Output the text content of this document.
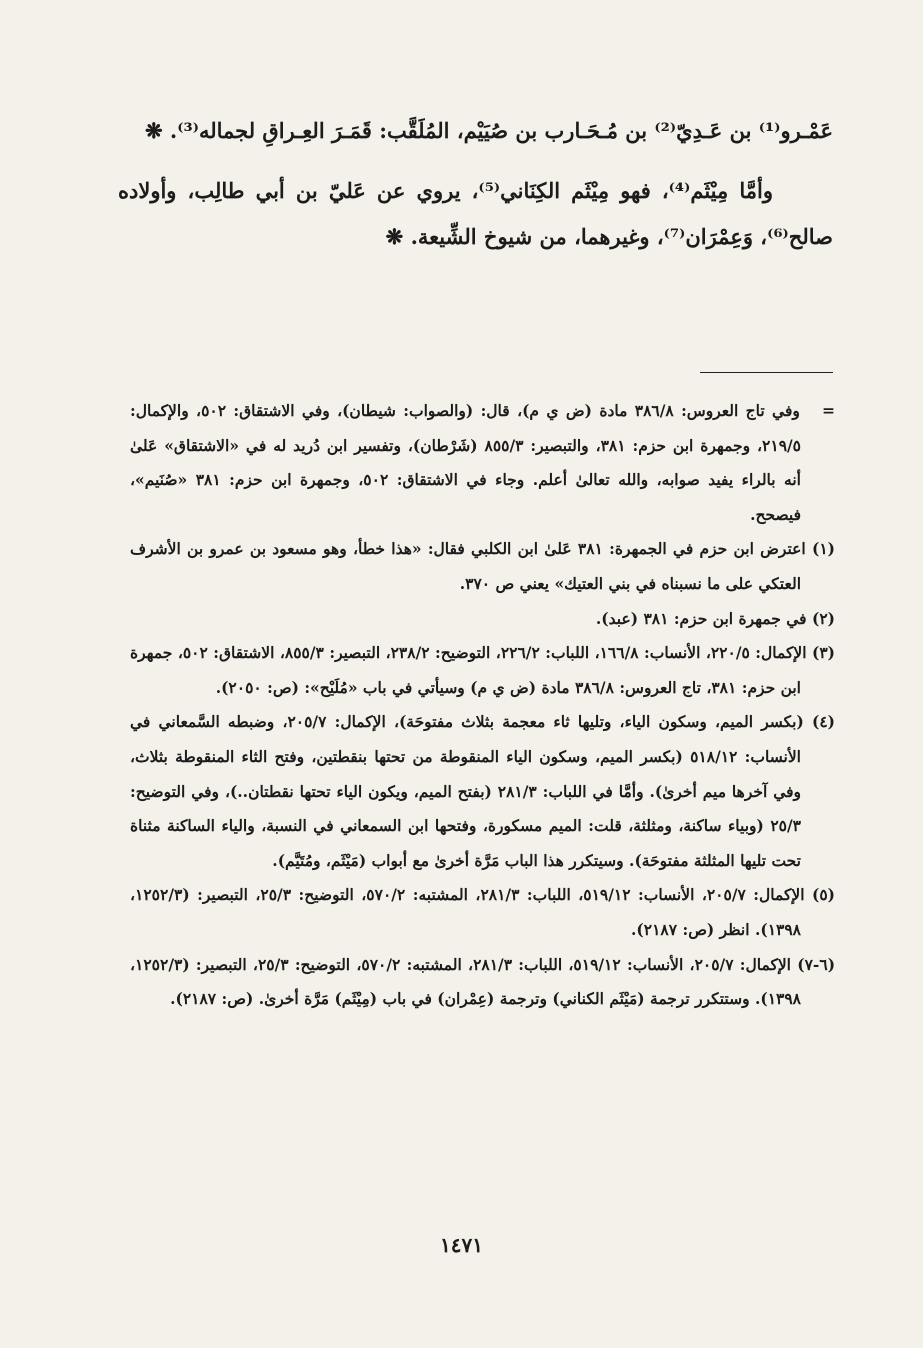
عَمْـرو⁽¹⁾ بن عَـدِيّ⁽²⁾ بن مُـحَـارب بن صُيَيْم، المُلَقَّب: قَمَـرَ العِـراقِ لجماله⁽³⁾. ❋

وأمَّا مِيْثَم⁽⁴⁾، فهو مِيْثَم الكِنَاني⁽⁵⁾، يروي عن عَليّ بن أبي طالِب، وأولاده صالح⁽⁶⁾، وَعِمْرَان⁽⁷⁾، وغيرهما، من شيوخ الشِّيعة. ❋

=   وفي تاج العروس: ٣٨٦/٨ مادة (ض ي م)، قال: (والصواب: شيطان)، وفي الاشتقاق: ٥٠٢، والإكمال: ٢١٩/٥، وجمهرة ابن حزم: ٣٨١، والتبصير: ٨٥٥/٣ (شَرْطان)، وتفسير ابن دُريد له في «الاشتقاق» عَلىٰ أنه بالراء يفيد صوابه، والله تعالىٰ أعلم. وجاء في الاشتقاق: ٥٠٢، وجمهرة ابن حزم: ٣٨١ «صُنَيم»، فيصحح.

(١) اعترض ابن حزم في الجمهرة: ٣٨١ عَلىٰ ابن الكلبي فقال: «هذا خطأ، وهو مسعود بن عمرو بن الأشرف العتكي على ما نسبناه في بني العتيك» يعني ص ٣٧٠.

(٢) في جمهرة ابن حزم: ٣٨١ (عبد).

(٣) الإكمال: ٢٢٠/٥، الأنساب: ١٦٦/٨، اللباب: ٢٢٦/٢، التوضيح: ٢٣٨/٢، التبصير: ٨٥٥/٣، الاشتقاق: ٥٠٢، جمهرة ابن حزم: ٣٨١، تاج العروس: ٣٨٦/٨ مادة (ض ي م) وسيأتي في باب «مُلَيْح»: (ص: ٢٠٥٠).

(٤) (بكسر الميم، وسكون الياء، وتليها ثاء معجمة بثلاث مفتوحَة)، الإكمال: ٢٠٥/٧، وضبطه السَّمعاني في الأنساب: ٥١٨/١٢ (بكسر الميم، وسكون الياء المنقوطة من تحتها بنقطتين، وفتح الثاء المنقوطة بثلاث، وفي آخرها ميم أخرىٰ). وأمَّا في اللباب: ٢٨١/٣ (بفتح الميم، ويكون الياء تحتها نقطتان..)، وفي التوضيح: ٢٥/٣ (وبياء ساكنة، ومثلثة، قلت: الميم مسكورة، وفتحها ابن السمعاني في النسبة، والياء الساكنة مثناة تحت تليها المثلثة مفتوحَة). وسيتكرر هذا الباب مَرَّة أخرىٰ مع أبواب (مَيْثَم، ومُتَيَّم).

(٥) الإكمال: ٢٠٥/٧، الأنساب: ٥١٩/١٢، اللباب: ٢٨١/٣، المشتبه: ٥٧٠/٢، التوضيح: ٢٥/٣، التبصير: (١٢٥٢/٣، ١٣٩٨). انظر (ص: ٢١٨٧).

(٦-٧) الإكمال: ٢٠٥/٧، الأنساب: ٥١٩/١٢، اللباب: ٢٨١/٣، المشتبه: ٥٧٠/٢، التوضيح: ٢٥/٣، التبصير: (١٢٥٢/٣، ١٣٩٨). وستتكرر ترجمة (مَيْثَم الكناني) وترجمة (عِمْران) في باب (مِيْثَم) مَرَّة أخرىٰ. (ص: ٢١٨٧).

١٤٧١
